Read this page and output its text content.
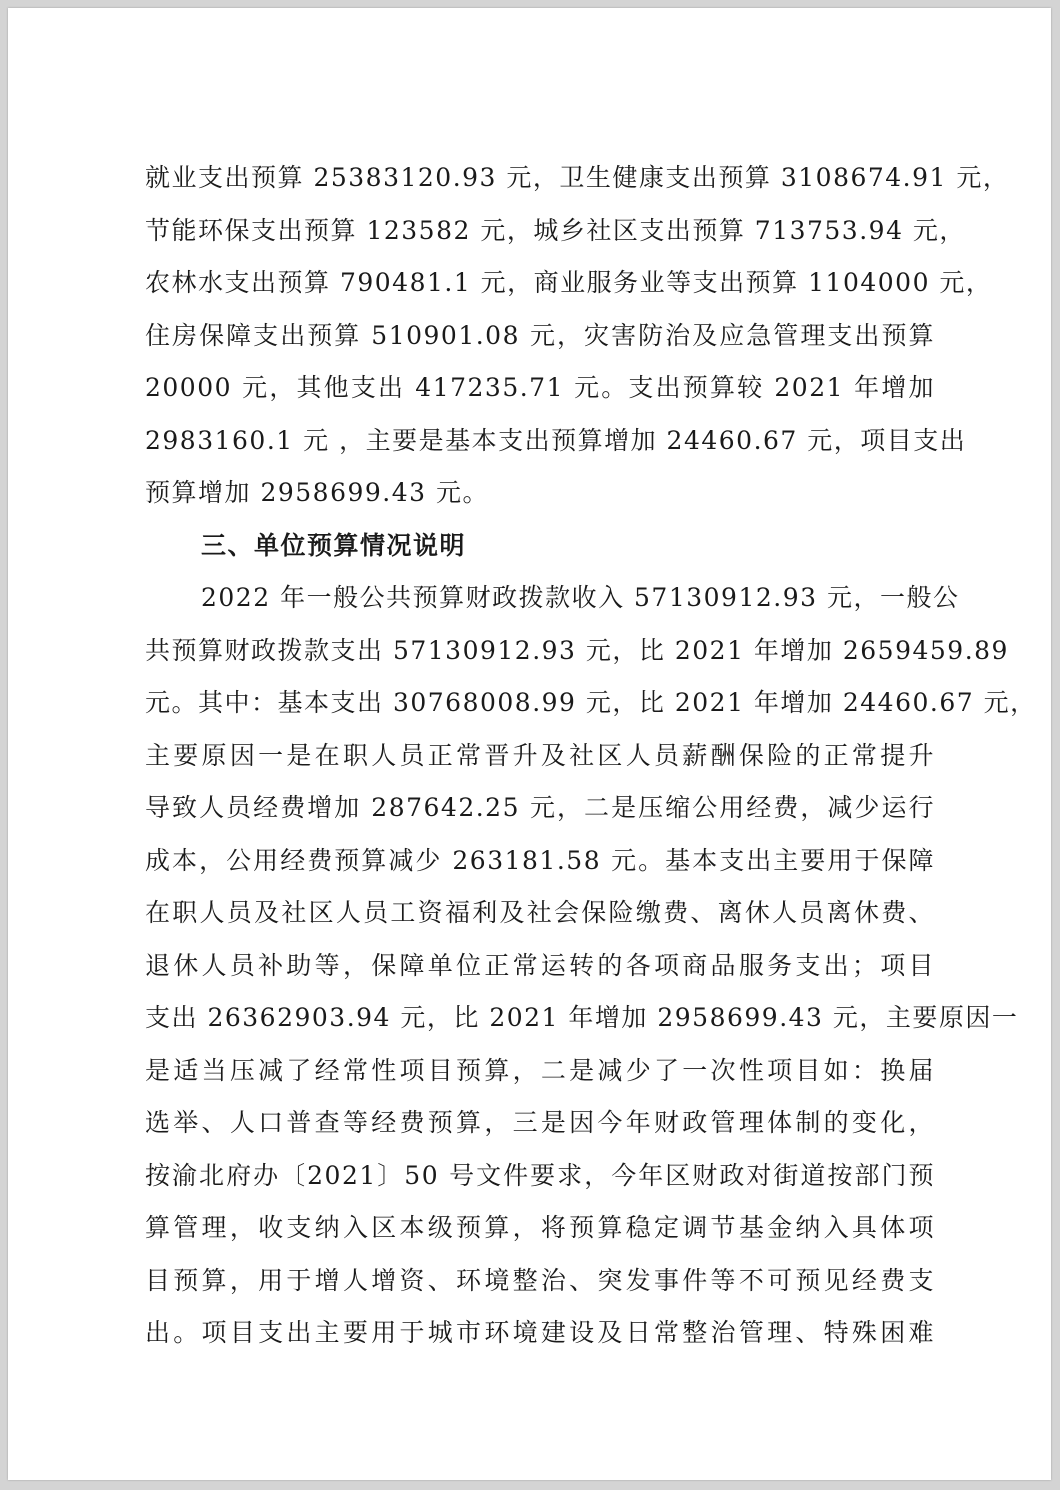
就业支出预算 25383120.93 元，卫生健康支出预算 3108674.91 元，
节能环保支出预算 123582 元，城乡社区支出预算 713753.94 元，
农林水支出预算 790481.1 元，商业服务业等支出预算 1104000 元，
住房保障支出预算 510901.08 元，灾害防治及应急管理支出预算
20000 元，其他支出 417235.71 元。支出预算较 2021 年增加
2983160.1 元 ，主要是基本支出预算增加 24460.67 元，项目支出
预算增加 2958699.43 元。
三、单位预算情况说明
2022 年一般公共预算财政拨款收入 57130912.93 元，一般公
共预算财政拨款支出 57130912.93 元，比 2021 年增加 2659459.89
元。其中：基本支出 30768008.99 元，比 2021 年增加 24460.67 元，
主要原因一是在职人员正常晋升及社区人员薪酬保险的正常提升
导致人员经费增加 287642.25 元，二是压缩公用经费，减少运行
成本，公用经费预算减少 263181.58 元。基本支出主要用于保障
在职人员及社区人员工资福利及社会保险缴费、离休人员离休费、
退休人员补助等，保障单位正常运转的各项商品服务支出；项目
支出 26362903.94 元，比 2021 年增加 2958699.43 元，主要原因一
是适当压减了经常性项目预算，二是减少了一次性项目如：换届
选举、人口普查等经费预算，三是因今年财政管理体制的变化，
按渝北府办〔2021〕50 号文件要求，今年区财政对街道按部门预
算管理，收支纳入区本级预算，将预算稳定调节基金纳入具体项
目预算，用于增人增资、环境整治、突发事件等不可预见经费支
出。项目支出主要用于城市环境建设及日常整治管理、特殊困难
